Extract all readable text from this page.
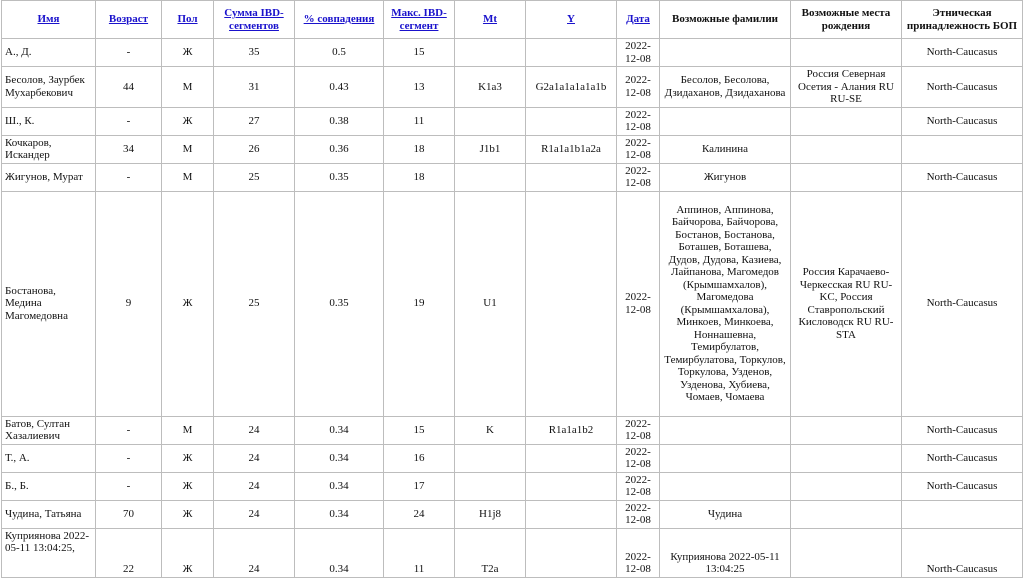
Имя	Возраст	Пол	Сумма IBD-сегментов	% совпадения	Макс. IBD-сегмент	Mt	Y	Дата	Возможные фамилии	Возможные места рождения	Этническая принадлежность БОП
А., Д.	-	Ж	35	0.5	15			2022-12-08			North-Caucasus
Бесолов, Заурбек Мухарбекович	44	М	31	0.43	13	K1a3	G2a1a1a1a1a1b	2022-12-08	Бесолов, Бесолова, Дзидаханов, Дзидаханова	Россия Северная Осетия - Алания RU RU-SE	North-Caucasus
Ш., К.	-	Ж	27	0.38	11			2022-12-08			North-Caucasus
Кочкаров, Искандер	34	М	26	0.36	18	J1b1	R1a1a1b1a2a	2022-12-08	Калинина		
Жигунов, Мурат	-	М	25	0.35	18			2022-12-08	Жигунов		North-Caucasus
Бостанова, Медина Магомедовна	9	Ж	25	0.35	19	U1		2022-12-08	Аппинов, Аппинова, Байчорова, Байчорова, Бостанов, Бостанова, Боташев, Боташева, Дудов, Дудова, Казиева, Лайпанова, Магомедов (Крымшамхалов), Магомедова (Крымшамхалова), Минкоев, Минкоева, Ноннашевна, Темирбулатов, Темирбулатова, Торкулов, Торкулова, Узденов, Узденова, Хубиева, Чомаев, Чомаева	Россия Карачаево-Черкесская RU RU-KC, Россия Ставропольский Кисловодск RU RU-STA	North-Caucasus
Батов, Султан Хазалиевич	-	М	24	0.34	15	K	R1a1a1b2	2022-12-08			North-Caucasus
Т., А.	-	Ж	24	0.34	16			2022-12-08			North-Caucasus
Б., Б.	-	Ж	24	0.34	17			2022-12-08			North-Caucasus
Чудина, Татьяна	70	Ж	24	0.34	24	H1j8		2022-12-08	Чудина		
Куприянова 2022-05-11 13:04:25,	22	Ж	24	0.34	11	T2a		2022-12-08	Куприянова 2022-05-11 13:04:25		North-Caucasus
